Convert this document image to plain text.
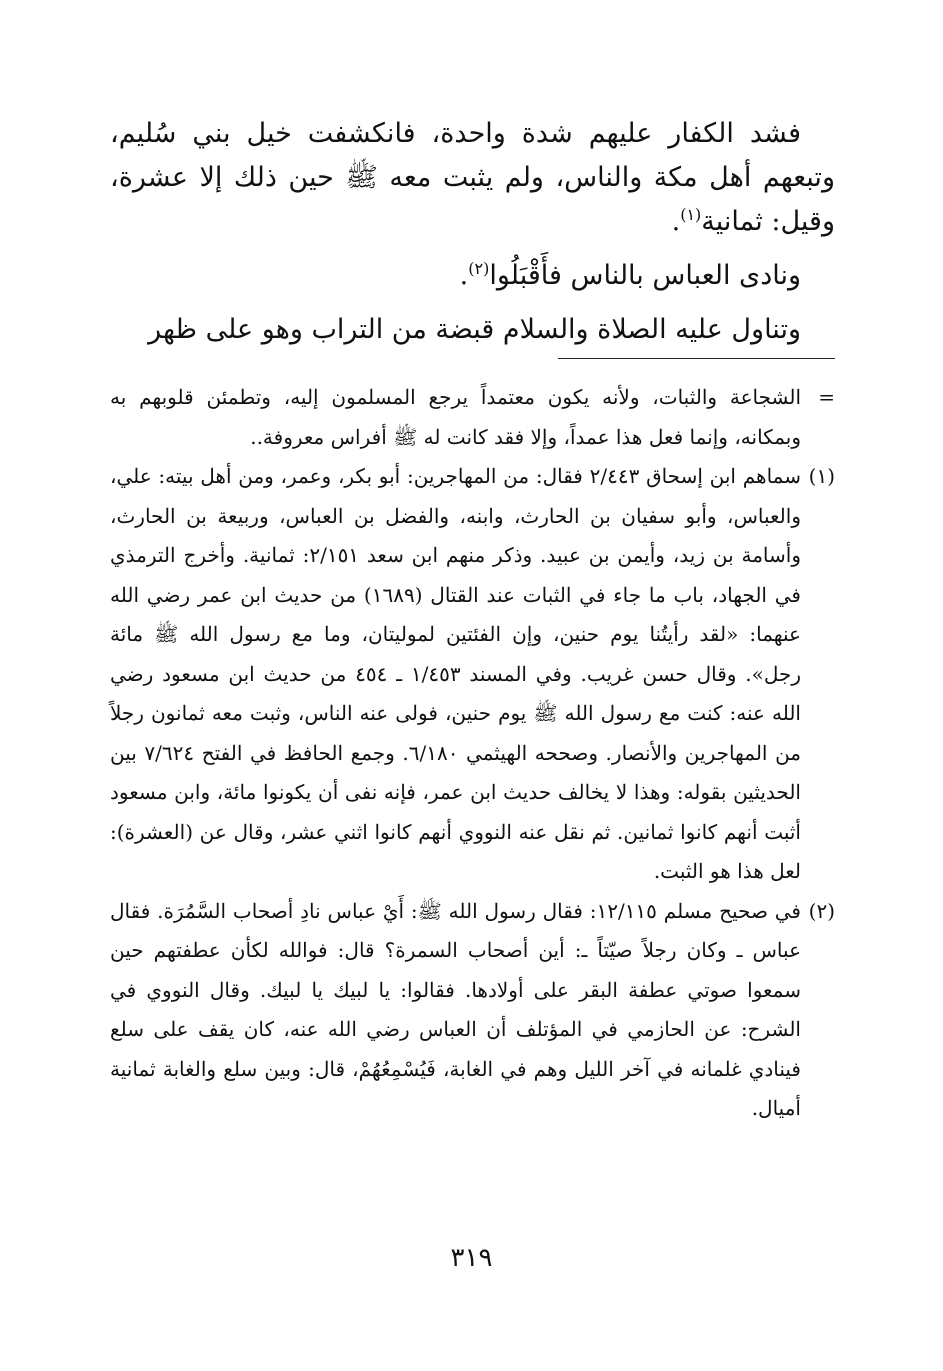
فشد الكفار عليهم شدة واحدة، فانكشفت خيل بني سُليم، وتبعهم أهل مكة والناس، ولم يثبت معه ﷺ حين ذلك إلا عشرة، وقيل: ثمانية$^{(١)}$.

ونادى العباس بالناس فأَقْبَلُوا$^{(٢)}$.

وتناول عليه الصلاة والسلام قبضة من التراب وهو على ظهر

=
الشجاعة والثبات، ولأنه يكون معتمداً يرجع المسلمون إليه، وتطمئن قلوبهم به وبمكانه، وإنما فعل هذا عمداً، وإلا فقد كانت له ﷺ أفراس معروفة..

(١)
سماهم ابن إسحاق ٢/٤٤٣ فقال: من المهاجرين: أبو بكر، وعمر، ومن أهل بيته: علي، والعباس، وأبو سفيان بن الحارث، وابنه، والفضل بن العباس، وربيعة بن الحارث، وأسامة بن زيد، وأيمن بن عبيد. وذكر منهم ابن سعد ٢/١٥١: ثمانية. وأخرج الترمذي في الجهاد، باب ما جاء في الثبات عند القتال (١٦٨٩) من حديث ابن عمر رضي الله عنهما: «لقد رأيتُنا يوم حنين، وإن الفئتين لموليتان، وما مع رسول الله ﷺ مائة رجل». وقال حسن غريب. وفي المسند ١/٤٥٣ ـ ٤٥٤ من حديث ابن مسعود رضي الله عنه: كنت مع رسول الله ﷺ يوم حنين، فولى عنه الناس، وثبت معه ثمانون رجلاً من المهاجرين والأنصار. وصححه الهيثمي ٦/١٨٠. وجمع الحافظ في الفتح ٧/٦٢٤ بين الحديثين بقوله: وهذا لا يخالف حديث ابن عمر، فإنه نفى أن يكونوا مائة، وابن مسعود أثبت أنهم كانوا ثمانين. ثم نقل عنه النووي أنهم كانوا اثني عشر، وقال عن (العشرة): لعل هذا هو الثبت.

(٢)
في صحيح مسلم ١٢/١١٥: فقال رسول الله ﷺ: أَيْ عباس نادِ أصحاب السَّمُرَة. فقال عباس ـ وكان رجلاً صيّتاً ـ: أين أصحاب السمرة؟ قال: فوالله لكأن عطفتهم حين سمعوا صوتي عطفة البقر على أولادها. فقالوا: يا لبيك يا لبيك. وقال النووي في الشرح: عن الحازمي في المؤتلف أن العباس رضي الله عنه، كان يقف على سلع فينادي غلمانه في آخر الليل وهم في الغابة، فَيُسْمِعُهُمْ، قال: وبين سلع والغابة ثمانية أميال.

٣١٩
